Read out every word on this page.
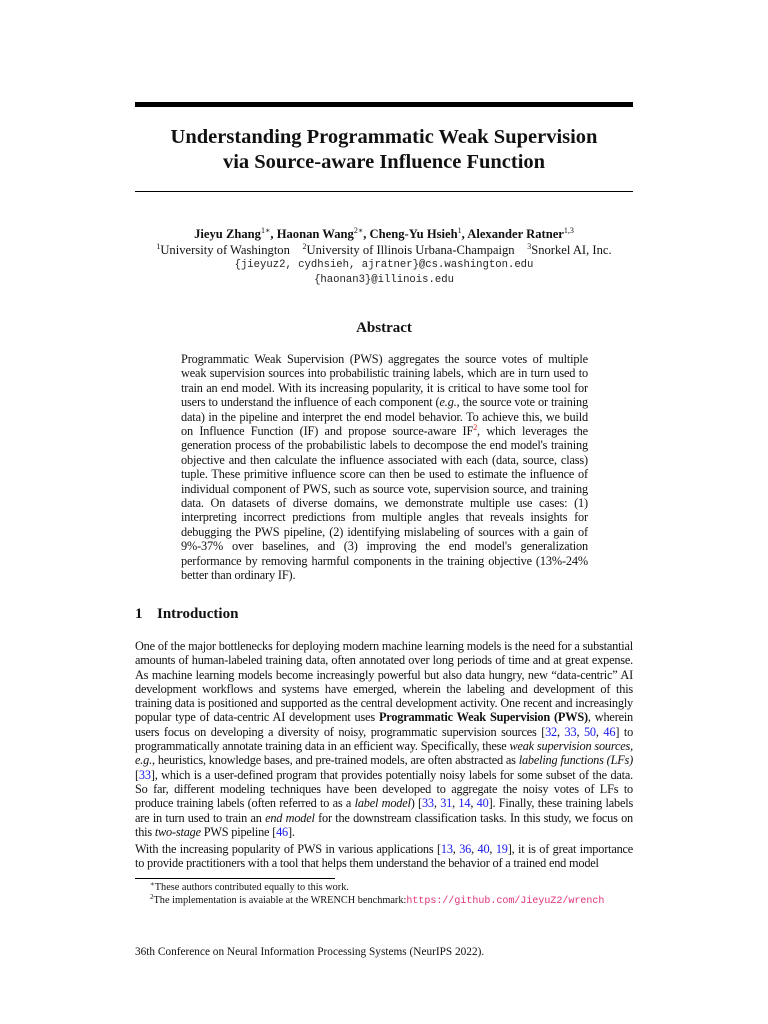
Understanding Programmatic Weak Supervision
via Source-aware Influence Function
Jieyu Zhang$^{1∗}$, Haonan Wang$^{2∗}$, Cheng-Yu Hsieh$^1$, Alexander Ratner$^{1,3}$
$^1$University of Washington $^2$University of Illinois Urbana-Champaign $^3$Snorkel AI, Inc.
{jieyuz2, cydhsieh, ajratner}@cs.washington.edu
{haonan3}@illinois.edu
Abstract

Programmatic Weak Supervision (PWS) aggregates the source votes of multiple weak supervision sources into probabilistic training labels, which are in turn used to train an end model. With its increasing popularity, it is critical to have some tool for users to understand the influence of each component (e.g., the source vote or training data) in the pipeline and interpret the end model behavior. To achieve this, we build on Influence Function (IF) and propose source-aware $IF^2$, which leverages the generation process of the probabilistic labels to decompose the end model's training objective and then calculate the influence associated with each (data, source, class) tuple. These primitive influence score can then be used to estimate the influence of individual component of PWS, such as source vote, supervision source, and training data. On datasets of diverse domains, we demonstrate multiple use cases: (1) interpreting incorrect predictions from multiple angles that reveals insights for debugging the PWS pipeline, (2) identifying mislabeling of sources with a gain of 9%-37% over baselines, and (3) improving the end model's generalization performance by removing harmful components in the training objective (13%-24% better than ordinary IF).

1 Introduction

One of the major bottlenecks for deploying modern machine learning models is the need for a substantial amounts of human-labeled training data, often annotated over long periods of time and at great expense. As machine learning models become increasingly powerful but also data hungry, new “data-centric” AI development workflows and systems have emerged, wherein the labeling and development of this training data is positioned and supported as the central development activity. One recent and increasingly popular type of data-centric AI development uses Programmatic Weak Supervision (PWS), wherein users focus on developing a diversity of noisy, programmatic supervision sources [32, 33, 50, 46] to programmatically annotate training data in an efficient way. Specifically, these weak supervision sources, e.g., heuristics, knowledge bases, and pre-trained models, are often abstracted as labeling functions (LFs) [33], which is a user-defined program that provides potentially noisy labels for some subset of the data. So far, different modeling techniques have been developed to aggregate the noisy votes of LFs to produce training labels (often referred to as a label model) [33, 31, 14, 40]. Finally, these training labels are in turn used to train an end model for the downstream classification tasks. In this study, we focus on this two-stage PWS pipeline [46].

With the increasing popularity of PWS in various applications [13, 36, 40, 19], it is of great importance to provide practitioners with a tool that helps them understand the behavior of a trained end model

∗These authors contributed equally to this work.
$^2$The implementation is avaiable at the WRENCH benchmark:https://github.com/JieyuZ2/wrench
36th Conference on Neural Information Processing Systems (NeurIPS 2022).
